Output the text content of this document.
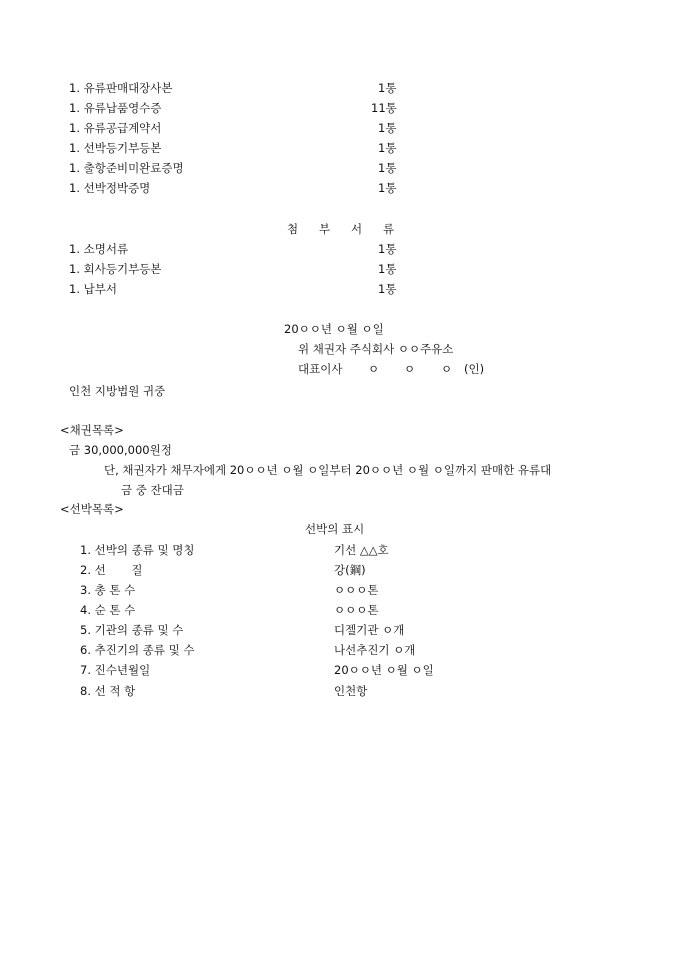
1. 유류판매대장사본	1통
1. 유류납품영수증	11통
1. 유류공급계약서	1통
1. 선박등기부등본	1통
1. 출항준비미완료증명	1통
1. 선박정박증명	1통
첨 부 서 류
1. 소명서류	1통
1. 회사등기부등본	1통
1. 납부서	1통
20ㅇㅇ년 ㅇ월 ㅇ일
위 채권자 주식회사 ㅇㅇ주유소
대표이사 ㅇ ㅇ ㅇ (인)
인천 지방법원 귀중
<채권목록>
금 30,000,000원정
단, 채권자가 채무자에게 20ㅇㅇ년 ㅇ월 ㅇ일부터 20ㅇㅇ년 ㅇ월 ㅇ일까지 판매한 유류대
금 중 잔대금
<선박목록>
선박의 표시
1. 선박의 종류 및 명칭	기선 △△호
2. 선       질	강(鋼)
3. 총 톤 수	ㅇㅇㅇ톤
4. 순 톤 수	ㅇㅇㅇ톤
5. 기관의 종류 및 수	디젤기관 ㅇ개
6. 추진기의 종류 및 수	나선추진기 ㅇ개
7. 진수년월일	20ㅇㅇ년 ㅇ월 ㅇ일
8. 선 적 항	인천항
